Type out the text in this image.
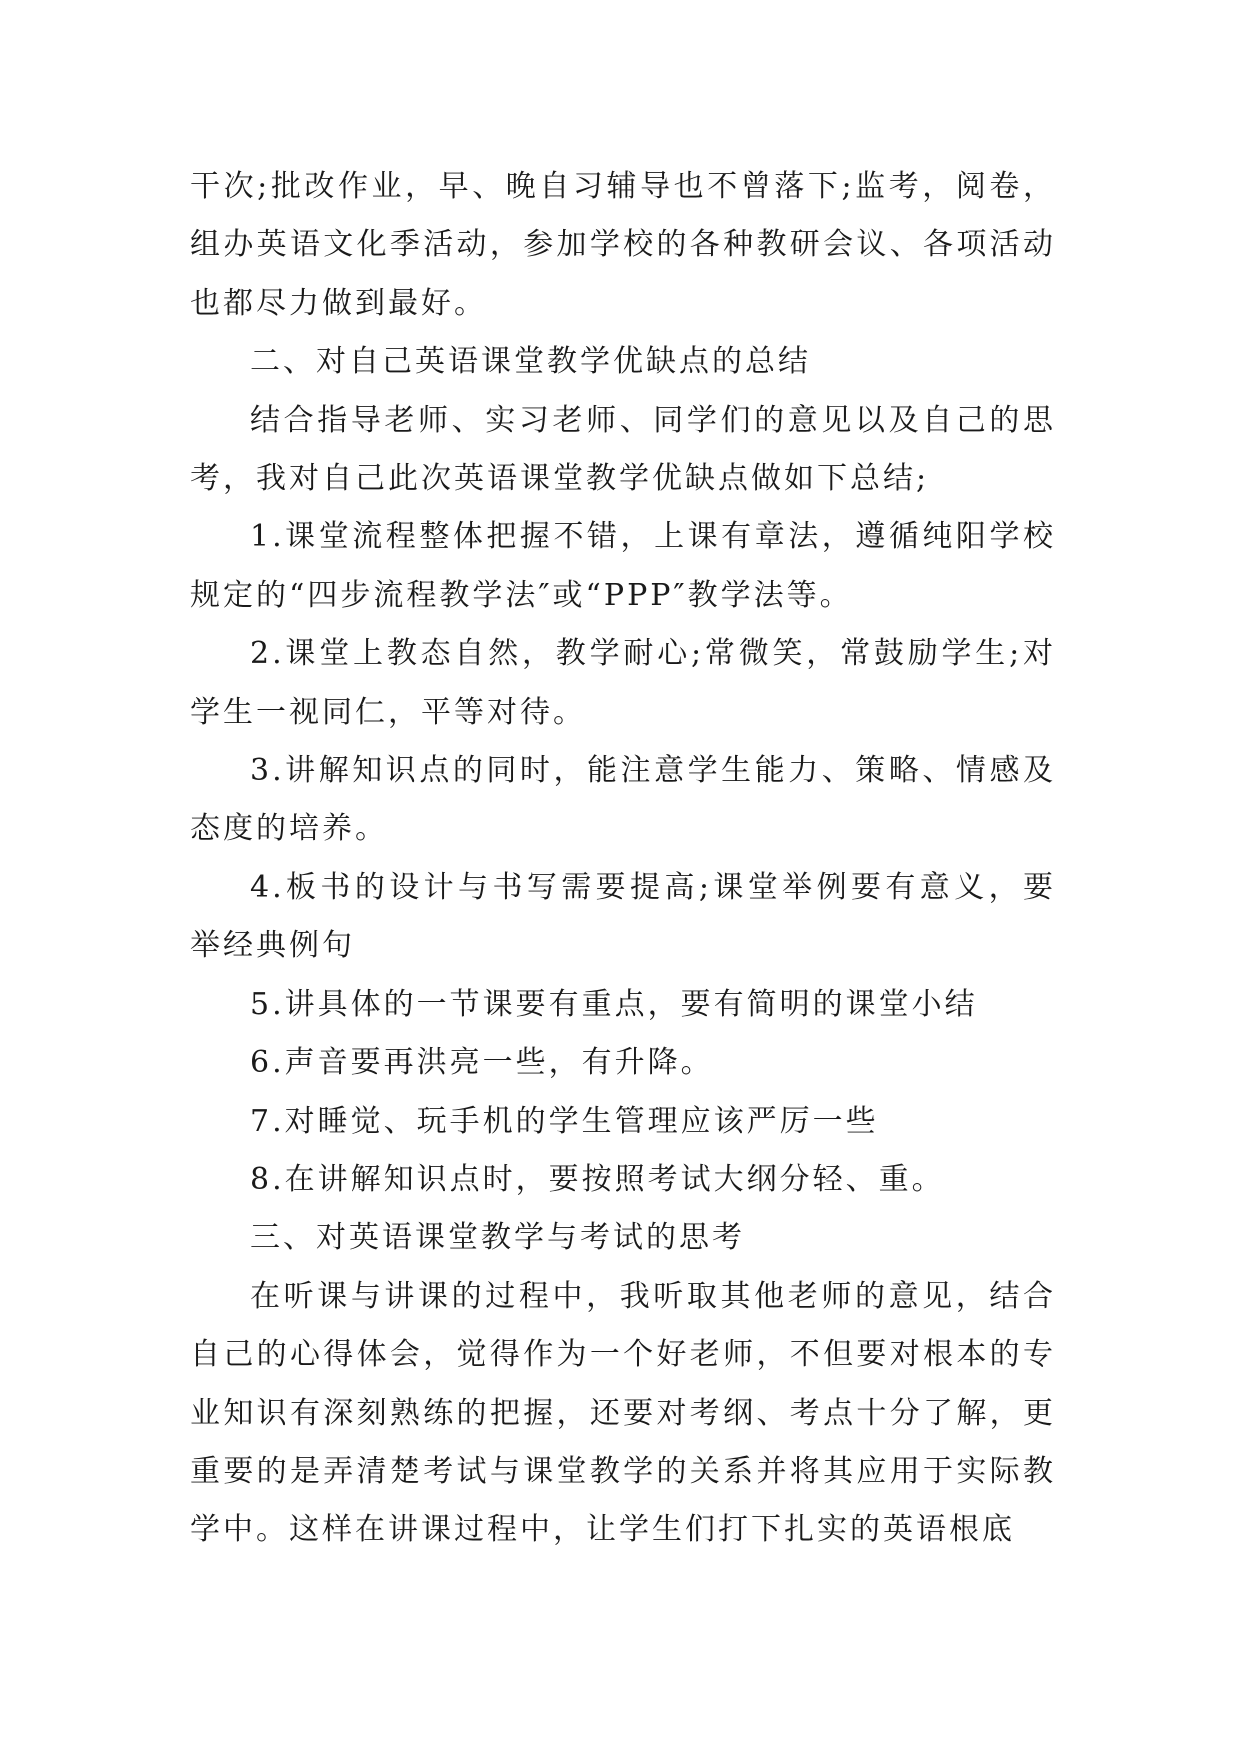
干次;批改作业，早、晚自习辅导也不曾落下;监考，阅卷，组办英语文化季活动，参加学校的各种教研会议、各项活动也都尽力做到最好。

二、对自己英语课堂教学优缺点的总结

结合指导老师、实习老师、同学们的意见以及自己的思考，我对自己此次英语课堂教学优缺点做如下总结;

1.课堂流程整体把握不错，上课有章法，遵循纯阳学校规定的“四步流程教学法″或“PPP″教学法等。

2.课堂上教态自然，教学耐心;常微笑，常鼓励学生;对学生一视同仁，平等对待。

3.讲解知识点的同时，能注意学生能力、策略、情感及态度的培养。

4.板书的设计与书写需要提高;课堂举例要有意义，要举经典例句

5.讲具体的一节课要有重点，要有简明的课堂小结

6.声音要再洪亮一些，有升降。

7.对睡觉、玩手机的学生管理应该严厉一些

8.在讲解知识点时，要按照考试大纲分轻、重。

三、对英语课堂教学与考试的思考

在听课与讲课的过程中，我听取其他老师的意见，结合自己的心得体会，觉得作为一个好老师，不但要对根本的专业知识有深刻熟练的把握，还要对考纲、考点十分了解，更重要的是弄清楚考试与课堂教学的关系并将其应用于实际教学中。这样在讲课过程中，让学生们打下扎实的英语根底
